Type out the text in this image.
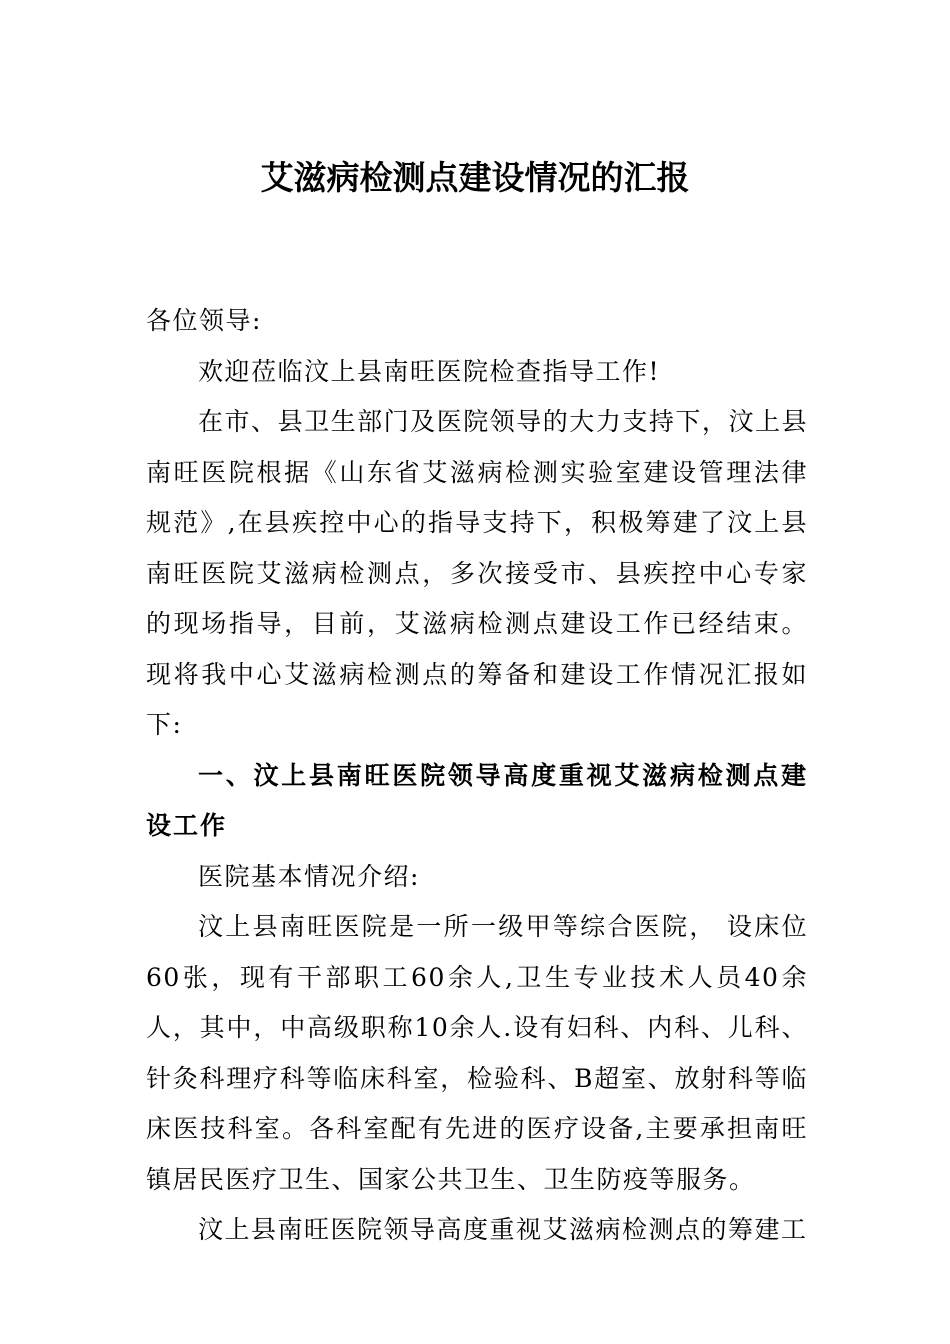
艾滋病检测点建设情况的汇报

各位领导:

欢迎莅临汶上县南旺医院检查指导工作!

在市、县卫生部门及医院领导的大力支持下，汶上县南旺医院根据《山东省艾滋病检测实验室建设管理法律规范》,在县疾控中心的指导支持下，积极筹建了汶上县南旺医院艾滋病检测点，多次接受市、县疾控中心专家的现场指导，目前，艾滋病检测点建设工作已经结束。现将我中心艾滋病检测点的筹备和建设工作情况汇报如下:

一、汶上县南旺医院领导高度重视艾滋病检测点建设工作

医院基本情况介绍:

汶上县南旺医院是一所一级甲等综合医院， 设床位60张，现有干部职工60余人,卫生专业技术人员40余人，其中，中高级职称10余人.设有妇科、内科、儿科、针灸科理疗科等临床科室，检验科、B超室、放射科等临床医技科室。各科室配有先进的医疗设备,主要承担南旺镇居民医疗卫生、国家公共卫生、卫生防疫等服务。

汶上县南旺医院领导高度重视艾滋病检测点的筹建工
